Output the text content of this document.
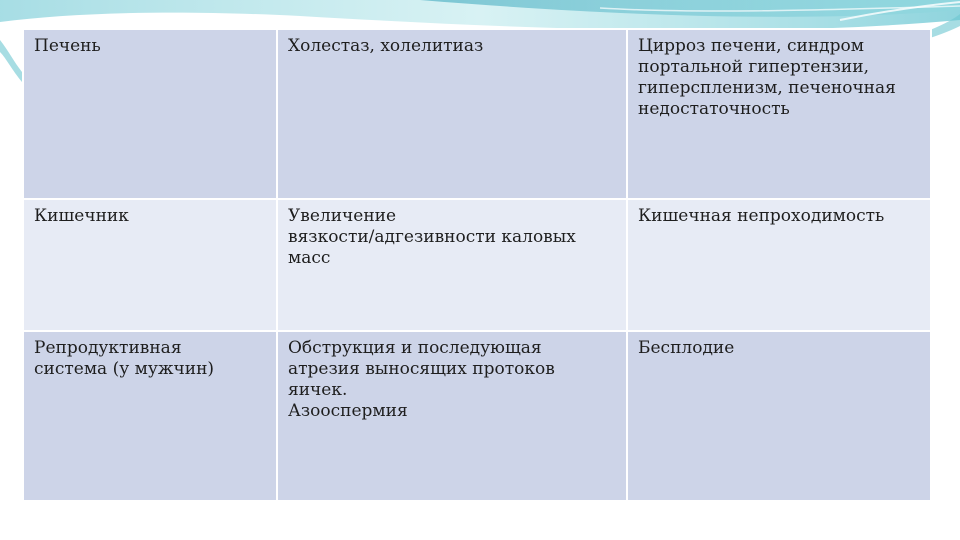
Печень	Холестаз, холелитиаз	Цирроз печени, синдром
портальной гипертензии,
гиперспленизм, печеночная
недостаточность

Кишечник	Увеличение
вязкости/адгезивности каловых
масс	Кишечная непроходимость

Репродуктивная
система (у мужчин)	Обструкция и последующая
атрезия выносящих протоков
яичек.
Азооспермия	Бесплодие
